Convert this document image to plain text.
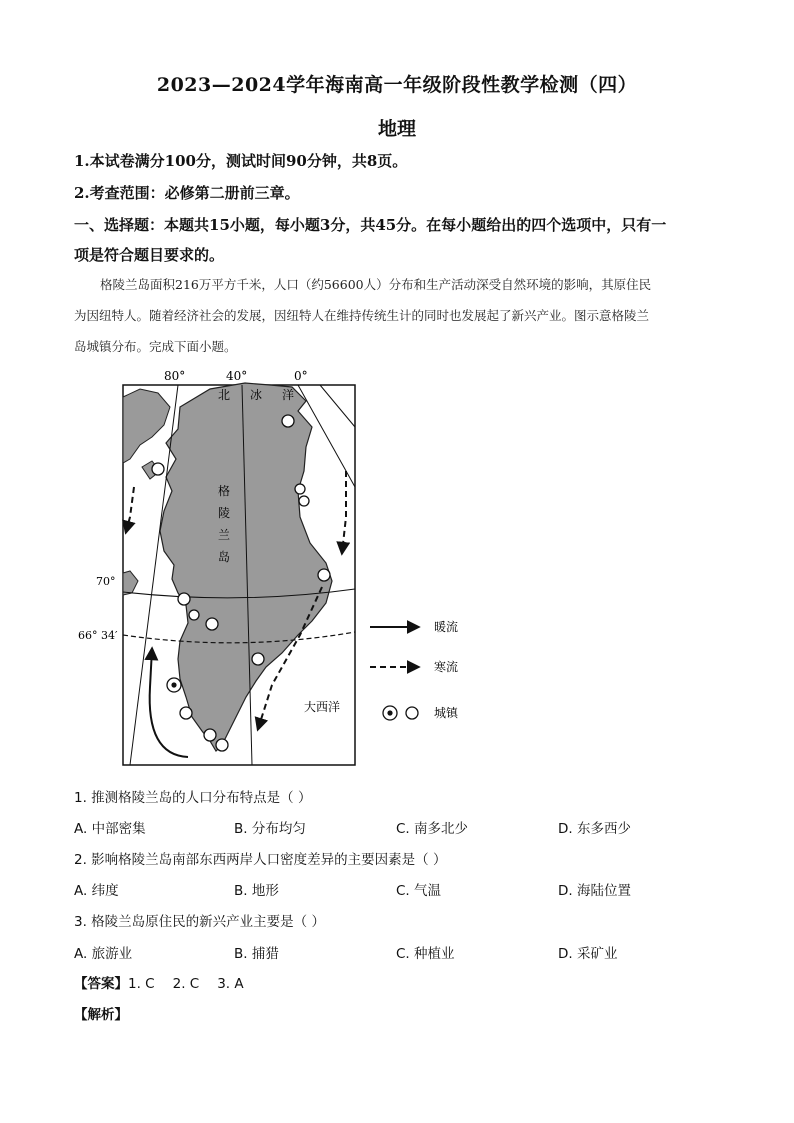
2023—2024学年海南高一年级阶段性教学检测（四）
地理
1.本试卷满分100分，测试时间90分钟，共8页。
2.考查范围：必修第二册前三章。
一、选择题：本题共15小题，每小题3分，共45分。在每小题给出的四个选项中，只有一
项是符合题目要求的。
格陵兰岛面积216万平方千米，人口（约56600人）分布和生产活动深受自然环境的影响，其原住民
为因纽特人。随着经济社会的发展，因纽特人在维持传统生计的同时也发展起了新兴产业。图示意格陵兰
岛城镇分布。完成下面小题。
80°	40°	0°
北 冰 洋
格
陵
兰
岛
70°
66° 34′
大西洋
暖流
寒流
城镇
1. 推测格陵兰岛的人口分布特点是（ ）
A. 中部密集	B. 分布均匀	C. 南多北少	D. 东多西少
2. 影响格陵兰岛南部东西两岸人口密度差异的主要因素是（ ）
A. 纬度	B. 地形	C. 气温	D. 海陆位置
3. 格陵兰岛原住民的新兴产业主要是（ ）
A. 旅游业	B. 捕猎	C. 种植业	D. 采矿业
【答案】1. C 2. C 3. A
【解析】
